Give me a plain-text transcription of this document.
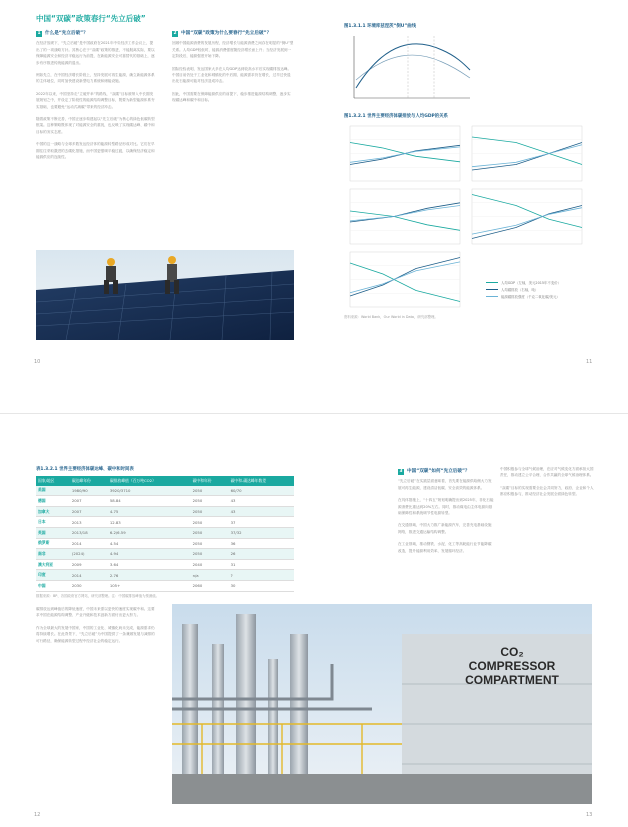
中国“双碳”政策春行“先立后破”
1 什么是“先立后破”？

在经济放缓下，“先立后破”是中国政府在2021年中央经济工作会议上，提出了的一项战略方针。其核心在于“双碳”政策的推进，不能脱离实际，要以保障能源安全和经济平稳运行为前提，在新能源安全可靠替代的基础上，逐步有序推进传统能源的退出。

例如先立，在中国经济增长阶段上，坚持发展可再生能源，确立新能源体系的主体地位，同时加快建设新型电力系统和储能设施。

2022年以来，中国坚持走“立破并举”的路线，“双碳”目标被纳入中长期发展规划之中，并设定了阶段性的能源结构调整目标，既要为新型能源体系夯实基础，也要避免“运动式减碳”带来的经济冲击。

随着政策不断完善，中国正逐步构建起以“先立后破”为核心的绿色低碳转型框架。这种策略既体现了对能源安全的重视，也反映了实现碳达峰、碳中和目标的务实态度。

中国的这一战略与全球多数发达经济体的能源转型路径形成对比。它们在早期往往采取激进的去碳化措施，而中国更强调平稳过渡，以确保经济稳定和能源供应的连续性。

2 中国“双碳”政策为什么要春行“先立后破”？

回顾中国能源消费的发展历程，经济增长与能源消费之间存在明显的“倒U”型关系。人均GDP较低时，能源消费强度随经济增长而上升；当经济发展到一定阶段后，能源强度开始下降。

国际经验表明，发达国家大多在人均GDP达到较高水平后实现碳排放达峰。中国目前仍处于工业化和城镇化的中后期，能源需求仍在增长，过早过快退出化石能源可能对经济造成冲击。

因此，中国需要在保障能源供应的前提下，稳步推进能源结构调整，逐步实现碳达峰和碳中和目标。

10
图1.3.1.1 环境库兹涅茨“倒U”曲线
图1.3.2.1 世界主要经济体碳排放与人均GDP的关系
人均GDP（左轴，美元2015年不变价）
人均碳排放（右轴，吨）
能源碳排放强度（千克二氧化碳/美元）
资料来源：World Bank，Our World in Data，研究部整理。
11
表1.3.2.1 世界主要经济体碳达峰、碳中和时间表
国家/地区	碳达峰年份	碳排放峰值（百万吨CO2）	碳中和年份	碳中和-碳达峰年数差
美国	1980/90	3920/3710	2050	60/70
德国	2007	58.84	2050	43
加拿大	2007	4.75	2050	43
日本	2013	12.83	2050	37
英国	2013/18	6.2/6.59	2050	37/32
俄罗斯	2014	4.54	2050	36
南非	(2024)	4.94	2050	26
澳大利亚	2009	3.64	2040	31
印度	2014	2.76	n/a	?
中国	2030	105+	2060	30
数据来源：BP、各国政府官方网站，研究部整理。注：中国碳排放峰值为预测值。
3 中国“双碳”如何“先立后破”？

“先立后破”在实践层面意味着，首先要在能源供给侧大力发展可再生能源，建设清洁低碳、安全高效的能源体系。

在具体措施上，“十四五”规划明确提出到2025年，非化石能源消费比重达到20%左右。同时，推动煤电由主体电源向基础保障性和系统调节性电源转型。

在交通领域，中国大力推广新能源汽车，完善充电基础设施网络，推进交通运输结构调整。

在工业领域，推动钢铁、水泥、化工等高耗能行业节能降碳改造，提升能源利用效率，发展循环经济。

中国积极参与全球气候治理，在应对气候变化方面承担大国责任，推动建立公平合理、合作共赢的全球气候治理体系。

“双碳”目标的实现需要全社会共同努力，政府、企业和个人都应积极参与，推动经济社会发展全面绿色转型。

碳排放达到峰值后的降低速度，中国未来需以更快的速度实现碳中和。这要求中国在能源结构调整、产业升级和技术创新方面付出更大努力。

作为全球最大的发展中国家，中国的工业化、城镇化尚未完成，能源需求仍将持续增长。在此背景下，“先立后破”为中国提供了一条兼顾发展与减排的可行路径，确保能源转型过程中经济社会的稳定运行。

CO₂
COMPRESSOR
COMPARTMENT
12	13
